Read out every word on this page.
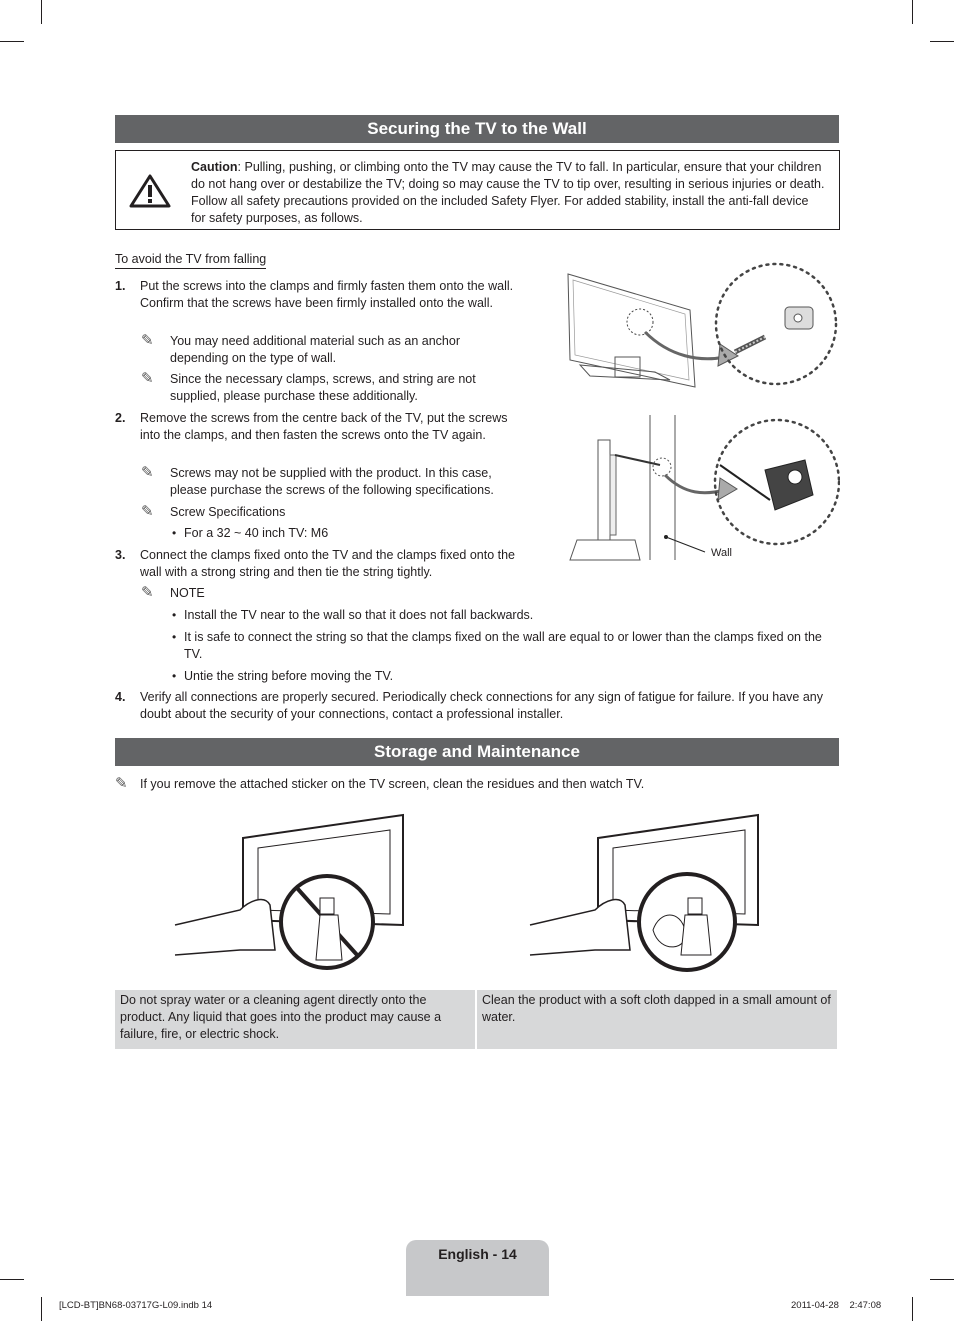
Securing the TV to the Wall
Caution: Pulling, pushing, or climbing onto the TV may cause the TV to fall. In particular, ensure that your children do not hang over or destabilize the TV; doing so may cause the TV to tip over, resulting in serious injuries or death. Follow all safety precautions provided on the included Safety Flyer. For added stability, install the anti-fall device for safety purposes, as follows.
To avoid the TV from falling
1. Put the screws into the clamps and firmly fasten them onto the wall. Confirm that the screws have been firmly installed onto the wall.
✎ You may need additional material such as an anchor depending on the type of wall.
✎ Since the necessary clamps, screws, and string are not supplied, please purchase these additionally.
2. Remove the screws from the centre back of the TV, put the screws into the clamps, and then fasten the screws onto the TV again.
✎ Screws may not be supplied with the product. In this case, please purchase the screws of the following specifications.
✎ Screw Specifications
• For a 32 ~ 40 inch TV: M6
3. Connect the clamps fixed onto the TV and the clamps fixed onto the wall with a strong string and then tie the string tightly.
✎ NOTE
• Install the TV near to the wall so that it does not fall backwards.
• It is safe to connect the string so that the clamps fixed on the wall are equal to or lower than the clamps fixed on the TV.
• Untie the string before moving the TV.
4. Verify all connections are properly secured. Periodically check connections for any sign of fatigue for failure. If you have any doubt about the security of your connections, contact a professional installer.
Wall
Storage and Maintenance
✎ If you remove the attached sticker on the TV screen, clean the residues and then watch TV.
Do not spray water or a cleaning agent directly onto the product. Any liquid that goes into the product may cause a failure, fire, or electric shock.
Clean the product with a soft cloth dapped in a small amount of water.
English - 14
[LCD-BT]BN68-03717G-L09.indb 14	2011-04-28    2:47:08
